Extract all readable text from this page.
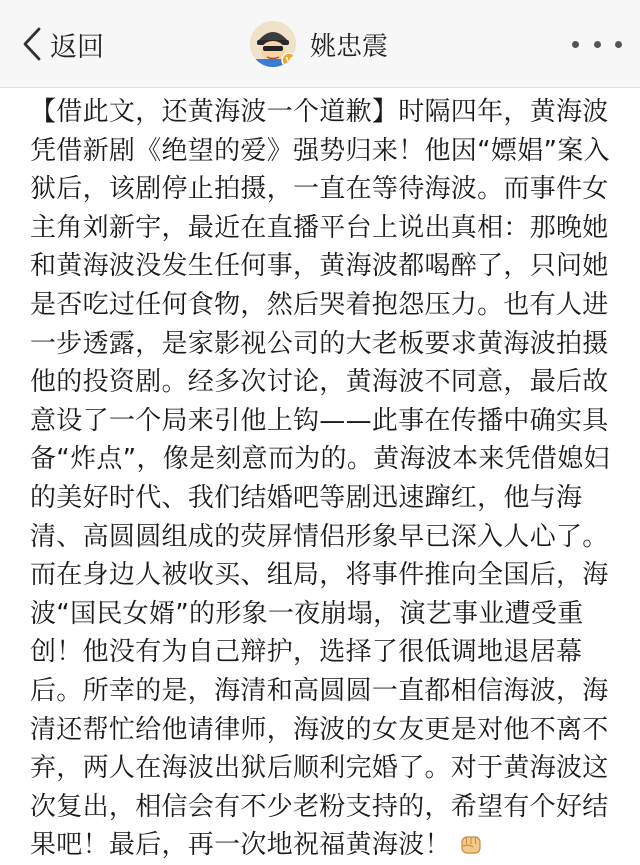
返回	V 姚忠震
【借此文，还黄海波一个道歉】时隔四年，黄海波
凭借新剧《绝望的爱》强势归来！他因“嫖娼”案入
狱后，该剧停止拍摄，一直在等待海波。而事件女
主角刘新宇，最近在直播平台上说出真相：那晚她
和黄海波没发生任何事，黄海波都喝醉了，只问她
是否吃过任何食物，然后哭着抱怨压力。也有人进
一步透露，是家影视公司的大老板要求黄海波拍摄
他的投资剧。经多次讨论，黄海波不同意，最后故
意设了一个局来引他上钩——此事在传播中确实具
备“炸点”，像是刻意而为的。黄海波本来凭借媳妇
的美好时代、我们结婚吧等剧迅速蹿红，他与海
清、高圆圆组成的荧屏情侣形象早已深入人心了。
而在身边人被收买、组局，将事件推向全国后，海
波“国民女婿”的形象一夜崩塌，演艺事业遭受重
创！他没有为自己辩护，选择了很低调地退居幕
后。所幸的是，海清和高圆圆一直都相信海波，海
清还帮忙给他请律师，海波的女友更是对他不离不
弃，两人在海波出狱后顺利完婚了。对于黄海波这
次复出，相信会有不少老粉支持的，希望有个好结
果吧！最后，再一次地祝福黄海波！
